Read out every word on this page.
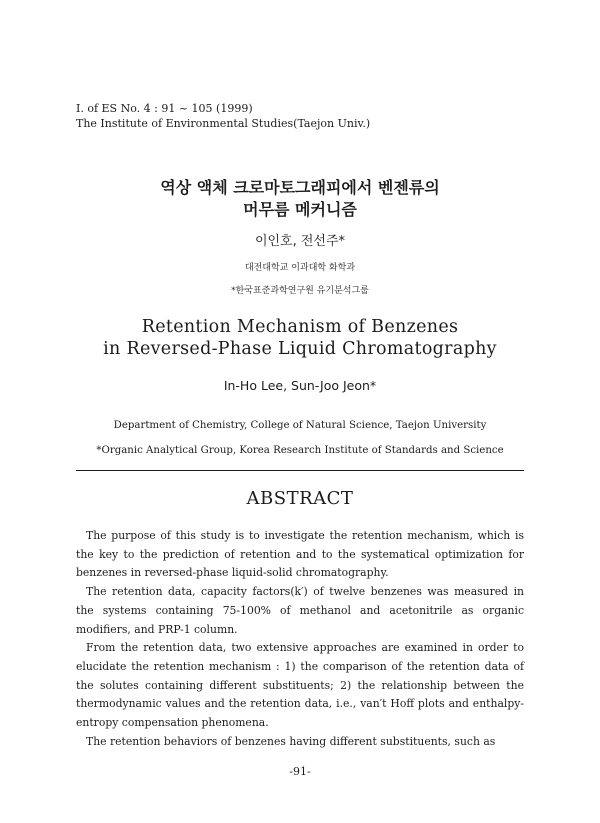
Ⅰ. of ES No. 4 : 91 ~ 105 (1999)
The Institute of Environmental Studies(Taejon Univ.)
역상 액체 크로마토그래피에서 벤젠류의
머무름 메커니즘
이인호, 전선주*
대전대학교 이과대학 화학과
*한국표준과학연구원 유기분석그룹
Retention Mechanism of Benzenes
in Reversed-Phase Liquid Chromatography
In-Ho Lee, Sun-Joo Jeon*
Department of Chemistry, College of Natural Science, Taejon University
*Organic Analytical Group, Korea Research Institute of Standards and Science
ABSTRACT

The purpose of this study is to investigate the retention mechanism, which is the key to the prediction of retention and to the systematical optimization for benzenes in reversed-phase liquid-solid chromatography.

The retention data, capacity factors(k′) of twelve benzenes was measured in the systems containing 75-100% of methanol and acetonitrile as organic modifiers, and PRP-1 column.

From the retention data, two extensive approaches are examined in order to elucidate the retention mechanism : 1) the comparison of the retention data of the solutes containing different substituents; 2) the relationship between the thermodynamic values and the retention data, i.e., van′t Hoff plots and enthalpy- entropy compensation phenomena.

The retention behaviors of benzenes having different substituents, such as

-91-
